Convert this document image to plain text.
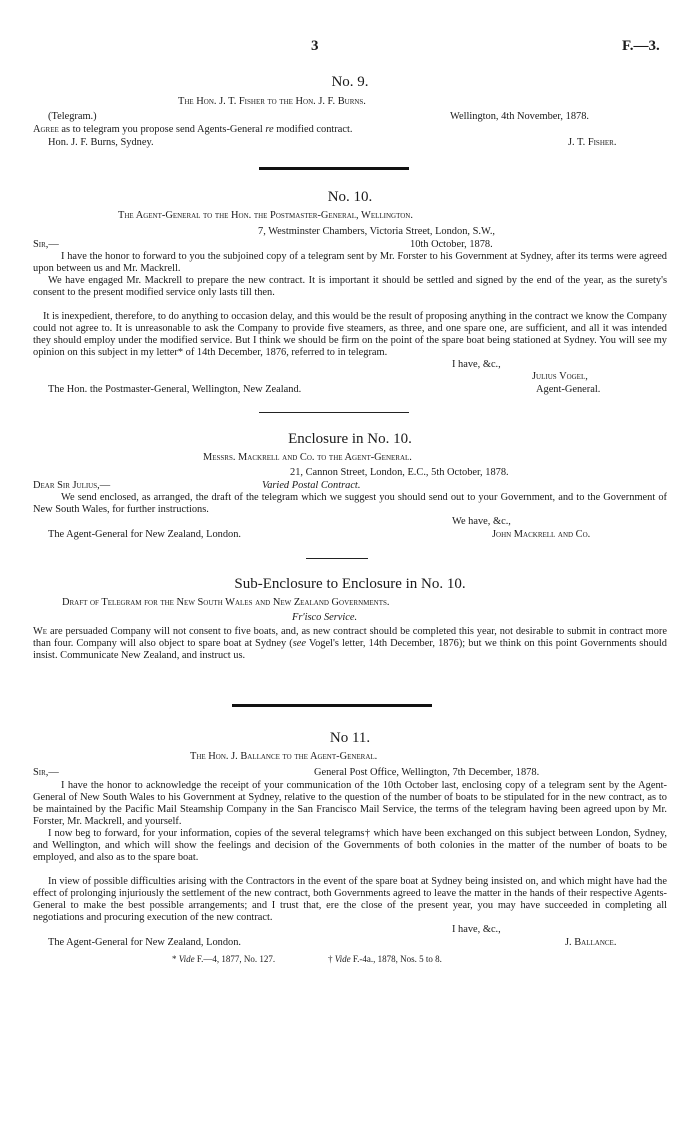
3	F.—3.
No. 9.
The Hon. J. T. Fisher to the Hon. J. F. Burns.
(Telegram.)	Wellington, 4th November, 1878.
Agree as to telegram you propose send Agents-General re modified contract.
Hon. J. F. Burns, Sydney.	J. T. Fisher.
No. 10.
The Agent-General to the Hon. the Postmaster-General, Wellington.
7, Westminster Chambers, Victoria Street, London, S.W.,
10th October, 1878.
Sir,—
I have the honor to forward to you the subjoined copy of a telegram sent by Mr. Forster to his Government at Sydney, after its terms were agreed upon between us and Mr. Mackrell.
We have engaged Mr. Mackrell to prepare the new contract. It is important it should be settled and signed by the end of the year, as the surety's consent to the present modified service only lasts till then.
It is inexpedient, therefore, to do anything to occasion delay, and this would be the result of proposing anything in the contract we know the Company could not agree to. It is unreasonable to ask the Company to provide five steamers, as three, and one spare one, are sufficient, and all it was intended they should employ under the modified service. But I think we should be firm on the point of the spare boat being stationed at Sydney. You will see my opinion on this subject in my letter* of 14th December, 1876, referred to in telegram.
I have, &c.,
Julius Vogel,
The Hon. the Postmaster-General, Wellington, New Zealand.	Agent-General.
Enclosure in No. 10.
Messrs. Mackrell and Co. to the Agent-General.
21, Cannon Street, London, E.C., 5th October, 1878.
Varied Postal Contract.
Dear Sir Julius,—
We send enclosed, as arranged, the draft of the telegram which we suggest you should send out to your Government, and to the Government of New South Wales, for further instructions.
We have, &c.,
The Agent-General for New Zealand, London.	John Mackrell and Co.
Sub-Enclosure to Enclosure in No. 10.
Draft of Telegram for the New South Wales and New Zealand Governments.
Fr'isco Service.
We are persuaded Company will not consent to five boats, and, as new contract should be completed this year, not desirable to submit in contract more than four. Company will also object to spare boat at Sydney (see Vogel's letter, 14th December, 1876); but we think on this point Governments should insist. Communicate New Zealand, and instruct us.
No 11.
The Hon. J. Ballance to the Agent-General.
Sir,—	General Post Office, Wellington, 7th December, 1878.
I have the honor to acknowledge the receipt of your communication of the 10th October last, enclosing copy of a telegram sent by the Agent-General of New South Wales to his Government at Sydney, relative to the question of the number of boats to be stipulated for in the new contract, as to be maintained by the Pacific Mail Steamship Company in the San Francisco Mail Service, the terms of the telegram having been agreed upon by Mr. Forster, Mr. Mackrell, and yourself.
I now beg to forward, for your information, copies of the several telegrams† which have been exchanged on this subject between London, Sydney, and Wellington, and which will show the feelings and decision of the Governments of both colonies in the matter of the number of boats to be employed, and also as to the spare boat.
In view of possible difficulties arising with the Contractors in the event of the spare boat at Sydney being insisted on, and which might have had the effect of prolonging injuriously the settlement of the new contract, both Governments agreed to leave the matter in the hands of their respective Agents-General to make the best possible arrangements; and I trust that, ere the close of the present year, you may have succeeded in completing all negotiations and procuring execution of the new contract.
I have, &c.,
The Agent-General for New Zealand, London.	J. Ballance.
* Vide F.—4, 1877, No. 127.	† Vide F.-4a., 1878, Nos. 5 to 8.
